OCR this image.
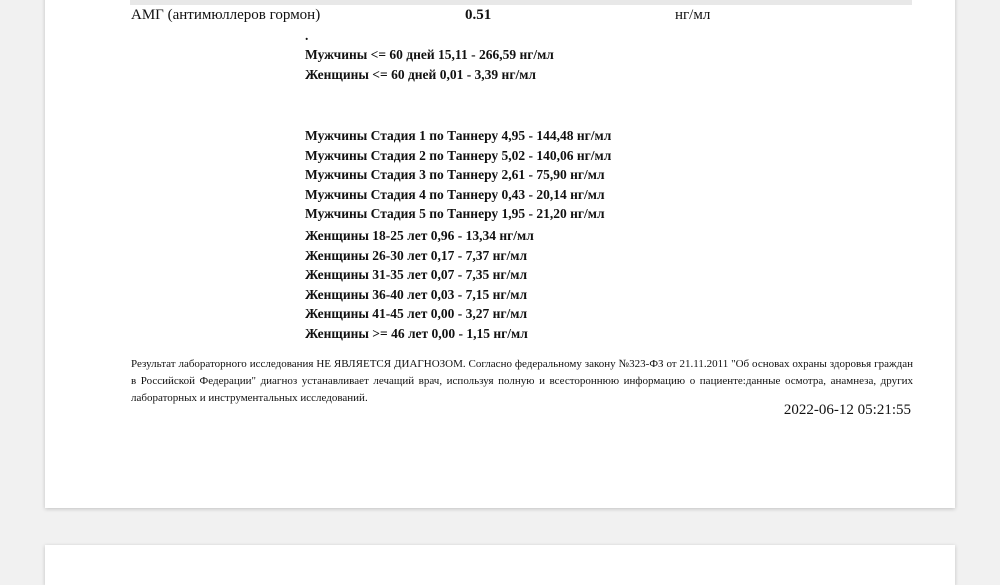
АМГ (антимюллеров гормон)	0.51	нг/мл
.
Мужчины <= 60 дней 15,11 - 266,59 нг/мл
Женщины <= 60 дней 0,01 - 3,39 нг/мл
Мужчины Стадия 1 по Таннеру 4,95 - 144,48 нг/мл
Мужчины Стадия 2 по Таннеру 5,02 - 140,06 нг/мл
Мужчины Стадия 3 по Таннеру 2,61 - 75,90 нг/мл
Мужчины Стадия 4 по Таннеру 0,43 - 20,14 нг/мл
Мужчины Стадия 5 по Таннеру 1,95 - 21,20 нг/мл
Женщины 18-25 лет 0,96 - 13,34 нг/мл
Женщины 26-30 лет 0,17 - 7,37 нг/мл
Женщины 31-35 лет 0,07 - 7,35 нг/мл
Женщины 36-40 лет 0,03 - 7,15 нг/мл
Женщины 41-45 лет 0,00 - 3,27 нг/мл
Женщины >= 46 лет 0,00 - 1,15 нг/мл
Результат лабораторного исследования НЕ ЯВЛЯЕТСЯ ДИАГНОЗОМ. Согласно федеральному закону №323-ФЗ от 21.11.2011 "Об основах охраны здоровья граждан в Российской Федерации" диагноз устанавливает лечащий врач, используя полную и всестороннюю информацию о пациенте:данные осмотра, анамнеза, других лабораторных и инструментальных исследований.
2022-06-12 05:21:55
